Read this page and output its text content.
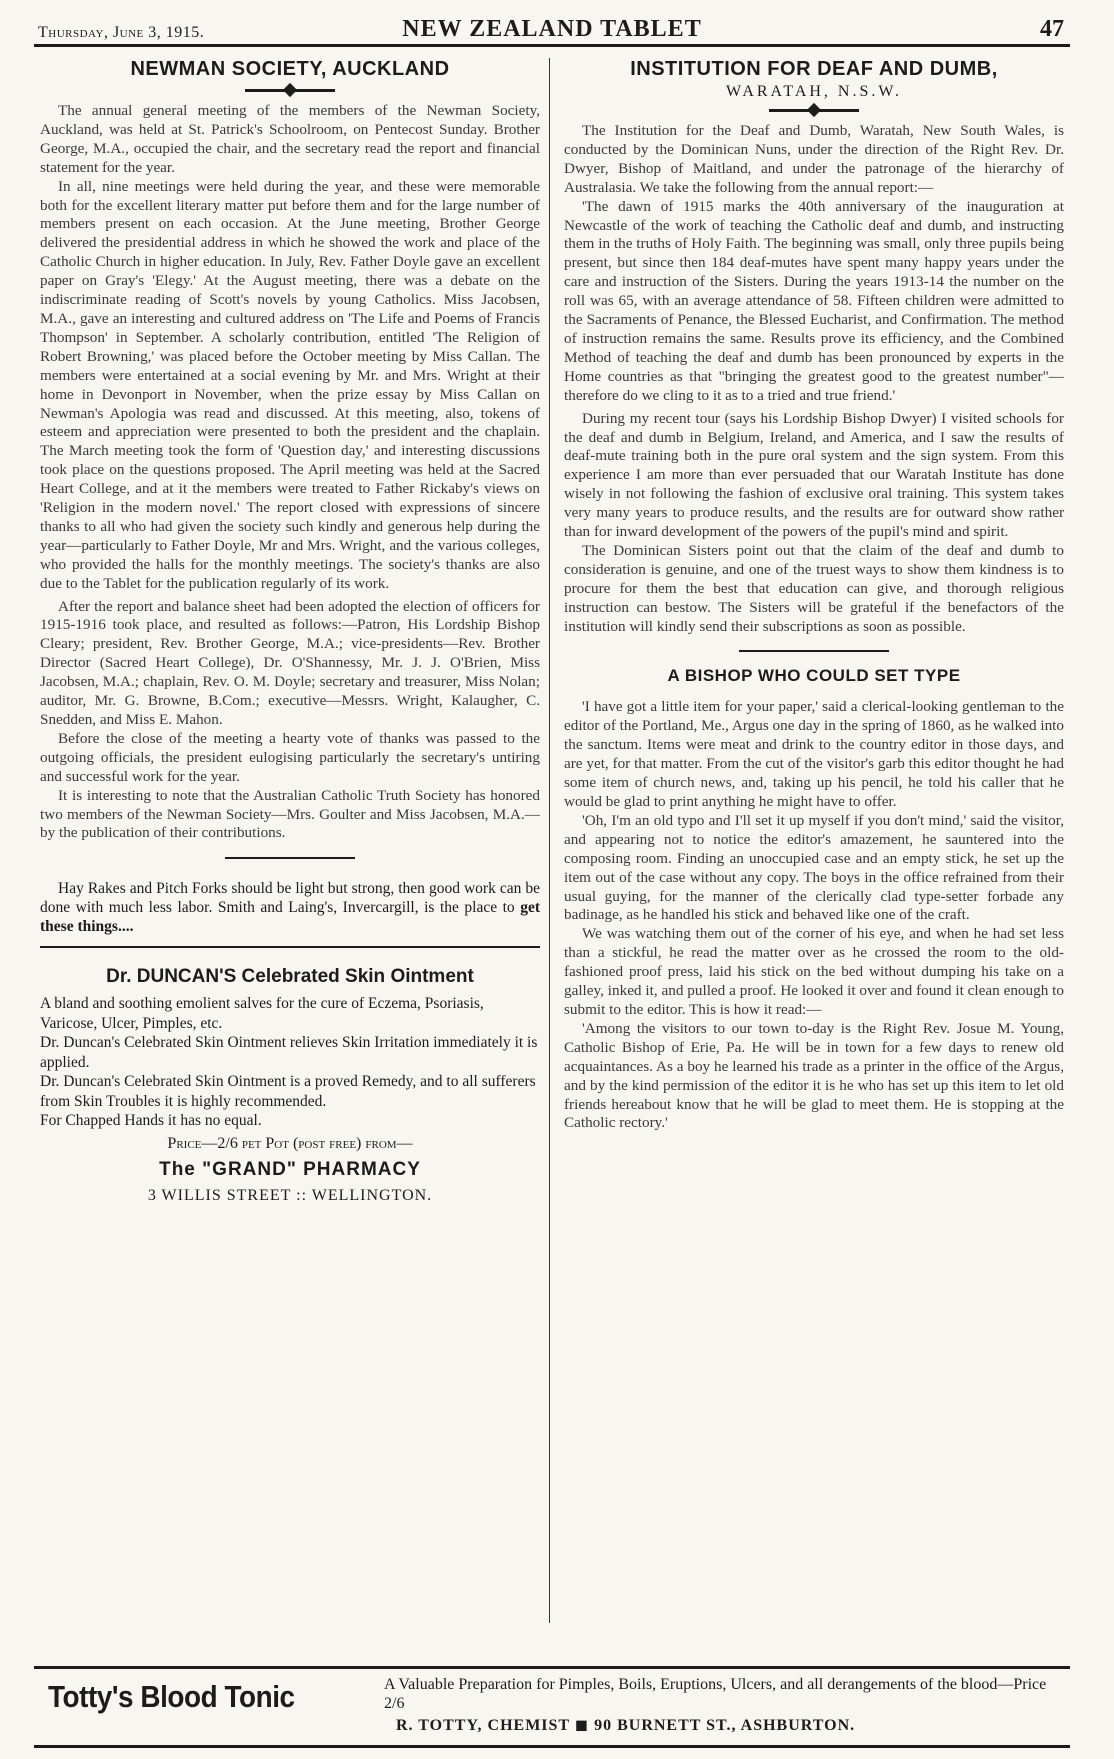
Thursday, June 3, 1915.	NEW ZEALAND TABLET	47
NEWMAN SOCIETY, AUCKLAND

The annual general meeting of the members of the Newman Society, Auckland, was held at St. Patrick's Schoolroom, on Pentecost Sunday. Brother George, M.A., occupied the chair, and the secretary read the report and financial statement for the year.

In all, nine meetings were held during the year, and these were memorable both for the excellent literary matter put before them and for the large number of members present on each occasion. At the June meeting, Brother George delivered the presidential address in which he showed the work and place of the Catholic Church in higher education. In July, Rev. Father Doyle gave an excellent paper on Gray's 'Elegy.' At the August meeting, there was a debate on the indiscriminate reading of Scott's novels by young Catholics. Miss Jacobsen, M.A., gave an interesting and cultured address on 'The Life and Poems of Francis Thompson' in September. A scholarly contribution, entitled 'The Religion of Robert Browning,' was placed before the October meeting by Miss Callan. The members were entertained at a social evening by Mr. and Mrs. Wright at their home in Devonport in November, when the prize essay by Miss Callan on Newman's Apologia was read and discussed. At this meeting, also, tokens of esteem and appreciation were presented to both the president and the chaplain. The March meeting took the form of 'Question day,' and interesting discussions took place on the questions proposed. The April meeting was held at the Sacred Heart College, and at it the members were treated to Father Rickaby's views on 'Religion in the modern novel.' The report closed with expressions of sincere thanks to all who had given the society such kindly and generous help during the year—particularly to Father Doyle, Mr and Mrs. Wright, and the various colleges, who provided the halls for the monthly meetings. The society's thanks are also due to the Tablet for the publication regularly of its work.

After the report and balance sheet had been adopted the election of officers for 1915-1916 took place, and resulted as follows:—Patron, His Lordship Bishop Cleary; president, Rev. Brother George, M.A.; vice-presidents—Rev. Brother Director (Sacred Heart College), Dr. O'Shannessy, Mr. J. J. O'Brien, Miss Jacobsen, M.A.; chaplain, Rev. O. M. Doyle; secretary and treasurer, Miss Nolan; auditor, Mr. G. Browne, B.Com.; executive—Messrs. Wright, Kalaugher, C. Snedden, and Miss E. Mahon.

Before the close of the meeting a hearty vote of thanks was passed to the outgoing officials, the president eulogising particularly the secretary's untiring and successful work for the year.

It is interesting to note that the Australian Catholic Truth Society has honored two members of the Newman Society—Mrs. Goulter and Miss Jacobsen, M.A.—by the publication of their contributions.

Hay Rakes and Pitch Forks should be light but strong, then good work can be done with much less labor. Smith and Laing's, Invercargill, is the place to get these things....

Dr. DUNCAN'S Celebrated Skin Ointment

A bland and soothing emolient salves for the cure of Eczema, Psoriasis, Varicose, Ulcer, Pimples, etc.

Dr. Duncan's Celebrated Skin Ointment relieves Skin Irritation immediately it is applied.

Dr. Duncan's Celebrated Skin Ointment is a proved Remedy, and to all sufferers from Skin Troubles it is highly recommended.

For Chapped Hands it has no equal.

Price—2/6 pet Pot (post free) from—
The "GRAND" PHARMACY
3 WILLIS STREET :: WELLINGTON.
INSTITUTION FOR DEAF AND DUMB,
WARATAH, N.S.W.

The Institution for the Deaf and Dumb, Waratah, New South Wales, is conducted by the Dominican Nuns, under the direction of the Right Rev. Dr. Dwyer, Bishop of Maitland, and under the patronage of the hierarchy of Australasia. We take the following from the annual report:—

'The dawn of 1915 marks the 40th anniversary of the inauguration at Newcastle of the work of teaching the Catholic deaf and dumb, and instructing them in the truths of Holy Faith. The beginning was small, only three pupils being present, but since then 184 deaf-mutes have spent many happy years under the care and instruction of the Sisters. During the years 1913-14 the number on the roll was 65, with an average attendance of 58. Fifteen children were admitted to the Sacraments of Penance, the Blessed Eucharist, and Confirmation. The method of instruction remains the same. Results prove its efficiency, and the Combined Method of teaching the deaf and dumb has been pronounced by experts in the Home countries as that "bringing the greatest good to the greatest number"—therefore do we cling to it as to a tried and true friend.'

During my recent tour (says his Lordship Bishop Dwyer) I visited schools for the deaf and dumb in Belgium, Ireland, and America, and I saw the results of deaf-mute training both in the pure oral system and the sign system. From this experience I am more than ever persuaded that our Waratah Institute has done wisely in not following the fashion of exclusive oral training. This system takes very many years to produce results, and the results are for outward show rather than for inward development of the powers of the pupil's mind and spirit.

The Dominican Sisters point out that the claim of the deaf and dumb to consideration is genuine, and one of the truest ways to show them kindness is to procure for them the best that education can give, and thorough religious instruction can bestow. The Sisters will be grateful if the benefactors of the institution will kindly send their subscriptions as soon as possible.

A BISHOP WHO COULD SET TYPE

'I have got a little item for your paper,' said a clerical-looking gentleman to the editor of the Portland, Me., Argus one day in the spring of 1860, as he walked into the sanctum. Items were meat and drink to the country editor in those days, and are yet, for that matter. From the cut of the visitor's garb this editor thought he had some item of church news, and, taking up his pencil, he told his caller that he would be glad to print anything he might have to offer.

'Oh, I'm an old typo and I'll set it up myself if you don't mind,' said the visitor, and appearing not to notice the editor's amazement, he sauntered into the composing room. Finding an unoccupied case and an empty stick, he set up the item out of the case without any copy. The boys in the office refrained from their usual guying, for the manner of the clerically clad type-setter forbade any badinage, as he handled his stick and behaved like one of the craft.

We was watching them out of the corner of his eye, and when he had set less than a stickful, he read the matter over as he crossed the room to the old-fashioned proof press, laid his stick on the bed without dumping his take on a galley, inked it, and pulled a proof. He looked it over and found it clean enough to submit to the editor. This is how it read:—

'Among the visitors to our town to-day is the Right Rev. Josue M. Young, Catholic Bishop of Erie, Pa. He will be in town for a few days to renew old acquaintances. As a boy he learned his trade as a printer in the office of the Argus, and by the kind permission of the editor it is he who has set up this item to let old friends hereabout know that he will be glad to meet them. He is stopping at the Catholic rectory.'

Totty's Blood Tonic	A Valuable Preparation for Pimples, Boils, Eruptions, Ulcers, and all derangements of the blood—Price 2/6
R. TOTTY, CHEMIST ◼ 90 BURNETT ST., ASHBURTON.
